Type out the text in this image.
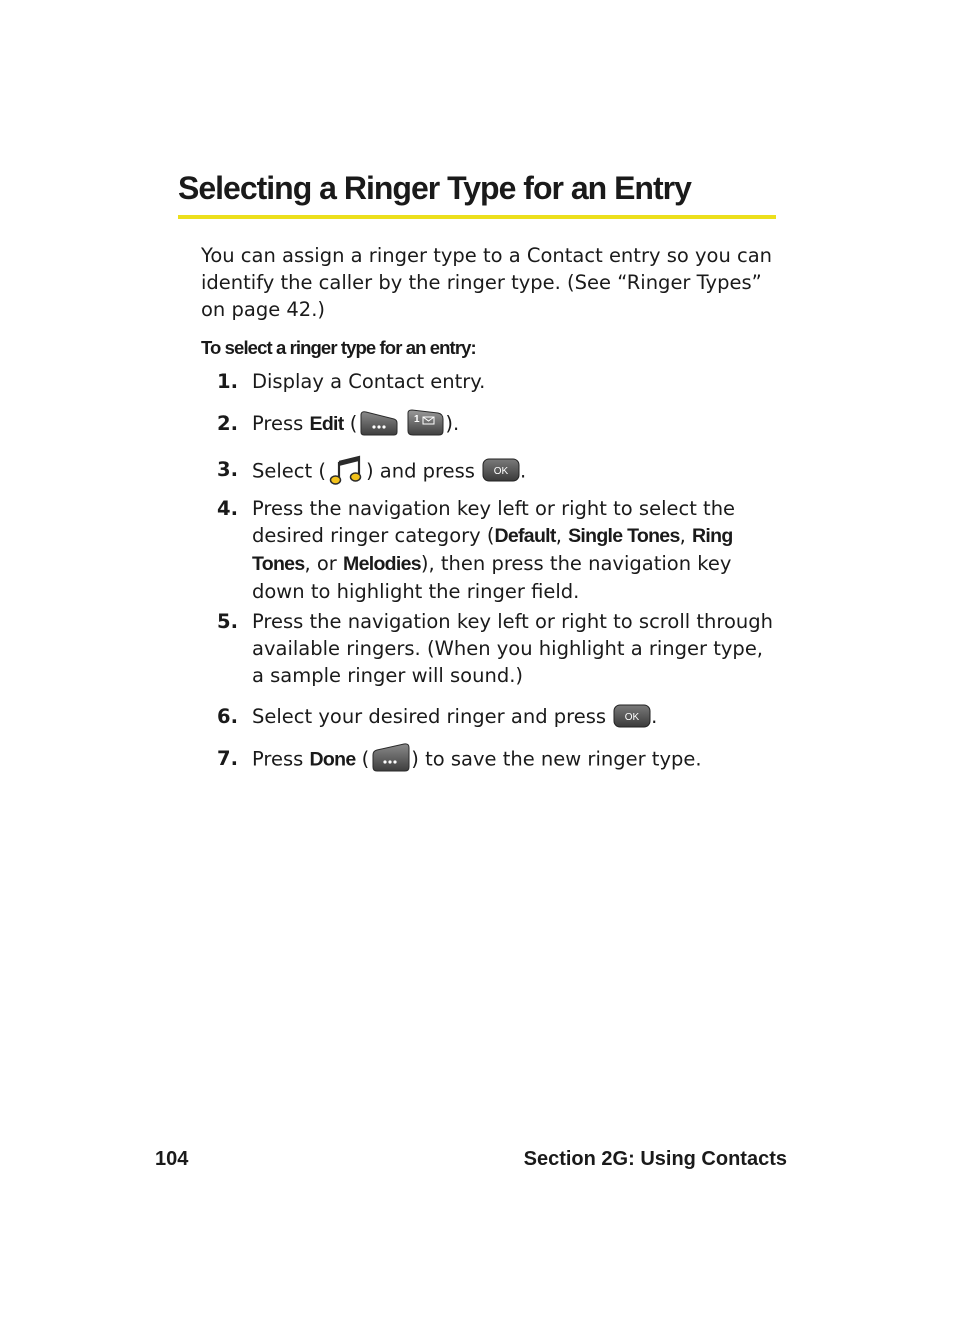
Selecting a Ringer Type for an Entry

You can assign a ringer type to a Contact entry so you can identify the caller by the ringer type. (See “Ringer Types” on page 42.)

To select a ringer type for an entry:

1. Display a Contact entry.
2. Press Edit (	1 ).
3. Select ( ) and press OK .
4. Press the navigation key left or right to select the desired ringer category (Default, Single Tones, Ring Tones, or Melodies), then press the navigation key down to highlight the ringer field.
5. Press the navigation key left or right to scroll through available ringers. (When you highlight a ringer type, a sample ringer will sound.)
6. Select your desired ringer and press OK .
7. Press Done ( ) to save the new ringer type.
104	Section 2G: Using Contacts
